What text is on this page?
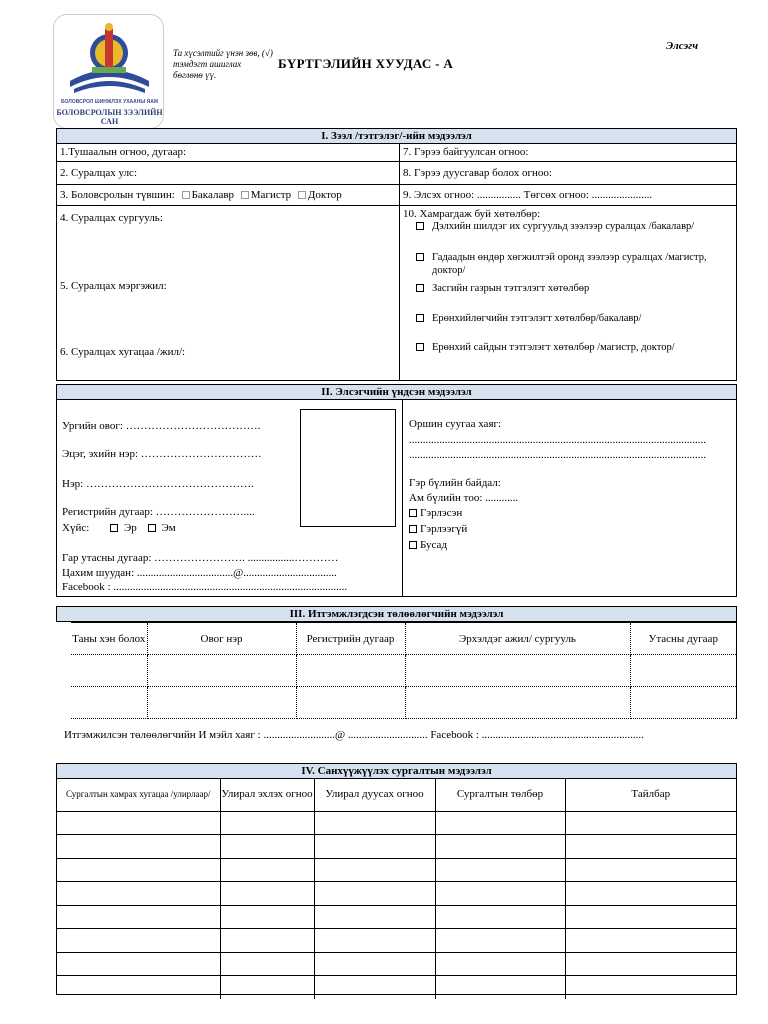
БОЛОВСРОЛ ШИНЖЛЭХ УХААНЫ ЯАМ
БОЛОВСРОЛЫН ЗЭЭЛИЙН САН
Та хүсэлтийг үнэн зөв, (√) тэмдэгт ашиглах бөглөнө үү.
БҮРТГЭЛИЙН ХУУДАС - А
Элсэгч
I. Зээл /тэтгэлэг/-ийн мэдээлэл
1.Тушаалын огноо, дугаар:
2. Суралцах улс:
3. Боловсролын түвшин: Бакалавр Магистр Доктор
4. Суралцах сургууль:
5. Суралцах мэргэжил:
6. Суралцах хугацаа /жил/:
7. Гэрээ байгуулсан огноо:
8. Гэрээ дуусгавар болох огноо:
9. Элсэх огноо: ................ Төгсөх огноо: ......................
10. Хамрагдаж буй хөтөлбөр:
Дэлхийн шилдэг их сургуульд зээлээр суралцах /бакалавр/
Гадаадын өндөр хөгжилтэй оронд зээлээр суралцах /магистр, доктор/
Засгийн газрын тэтгэлэгт хөтөлбөр
Ерөнхийлөгчийн тэтгэлэгт хөтөлбөр/бакалавр/
Ерөнхий сайдын тэтгэлэгт хөтөлбөр /магистр, доктор/
II. Элсэгчийн үндсэн мэдээлэл
Ургийн овог: ……………………………….
Эцэг, эхийн нэр: ……………………………
Нэр: ……………………………………….
Регистрийн дугаар: ……………………....
Хүйс:	Эр Эм
Гар утасны дугаар: ……………………. .................…………
Цахим шуудан: ...................................@..................................
Facebook : .....................................................................................
Оршин суугаа хаяг:
............................................................................................................
............................................................................................................
Гэр бүлийн байдал:
Ам бүлийн тоо: ............
Гэрлэсэн
Гэрлээгүй
Бусад
III. Итгэмжлэгдсэн төлөөлөгчийн мэдээлэл
Таны хэн болох	Овог нэр	Регистрийн дугаар	Эрхэлдэг ажил/ сургууль	Утасны дугаар

Итгэмжилсэн төлөөлөгчийн И мэйл хаяг : ..........................@ ............................. Facebook : ...........................................................
IV. Санхүүжүүлэх сургалтын мэдээлэл
Сургалтын хамрах хугацаа /улирлаар/	Улирал эхлэх огноо	Улирал дуусах огноо	Сургалтын төлбөр	Тайлбар
